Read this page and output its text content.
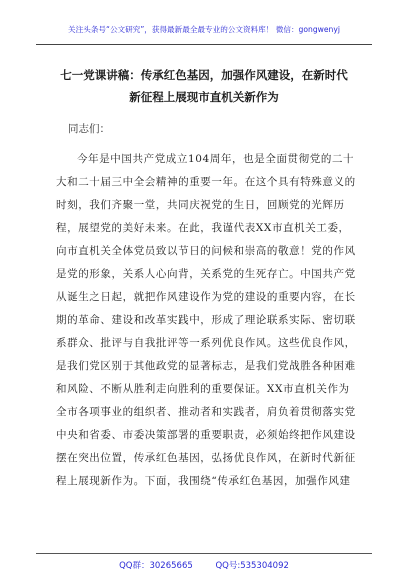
关注头条号“公文研究”，获得最新最全最专业的公文资料库！ 微信：gongwenyj
七一党课讲稿：传承红色基因，加强作风建设，在新时代
新征程上展现市直机关新作为
同志们：

今年是中国共产党成立104周年，也是全面贯彻党的二十大和二十届三中全会精神的重要一年。在这个具有特殊意义的时刻，我们齐聚一堂，共同庆祝党的生日，回顾党的光辉历程，展望党的美好未来。在此，我谨代表XX市直机关工委，向市直机关全体党员致以节日的问候和崇高的敬意！党的作风是党的形象，关系人心向背，关系党的生死存亡。中国共产党从诞生之日起，就把作风建设作为党的建设的重要内容，在长期的革命、建设和改革实践中，形成了理论联系实际、密切联系群众、批评与自我批评等一系列优良作风。这些优良作风，是我们党区别于其他政党的显著标志，是我们党战胜各种困难和风险、不断从胜利走向胜利的重要保证。XX市直机关作为全市各项事业的组织者、推动者和实践者，肩负着贯彻落实党中央和省委、市委决策部署的重要职责，必须始终把作风建设摆在突出位置，传承红色基因，弘扬优良作风，在新时代新征程上展现新作为。下面，我围绕“传承红色基因，加强作风建

QQ群：30265665	QQ号:535304092
